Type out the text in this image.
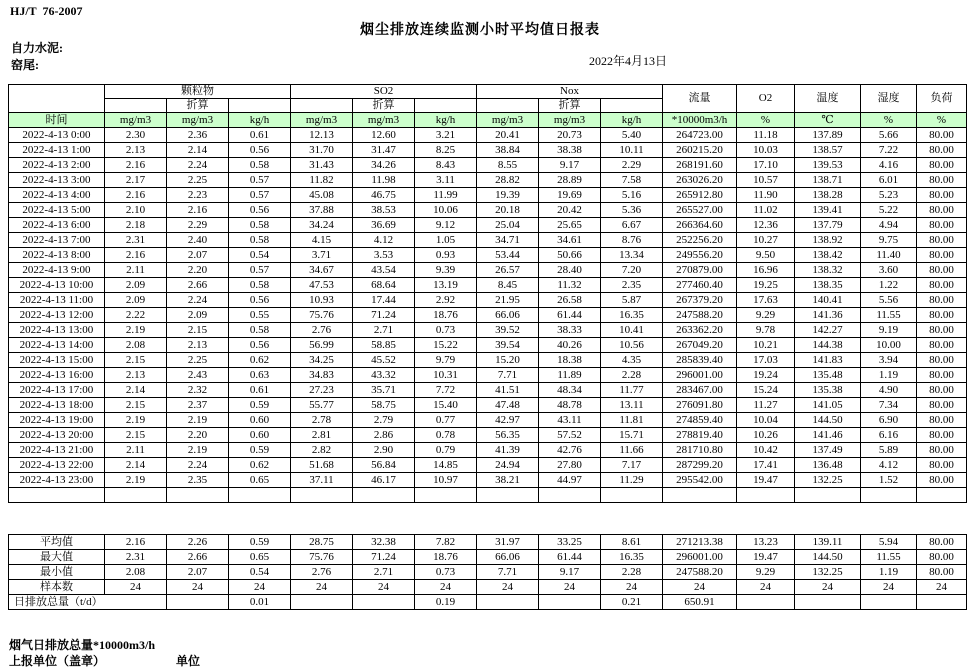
HJ/T  76-2007
烟尘排放连续监测小时平均值日报表
自力水泥:
窑尾:	2022年4月13日
	颗粒物			SO2			Nox			流量	O2	温度	湿度	负荷
		折算			折算			折算						
时间	mg/m3	mg/m3	kg/h	mg/m3	mg/m3	kg/h	mg/m3	mg/m3	kg/h	*10000m3/h	%	℃	%	%
2022-4-13 0:00	2.30	2.36	0.61	12.13	12.60	3.21	20.41	20.73	5.40	264723.00	11.18	137.89	5.66	80.00
2022-4-13 1:00	2.13	2.14	0.56	31.70	31.47	8.25	38.84	38.38	10.11	260215.20	10.03	138.57	7.22	80.00
2022-4-13 2:00	2.16	2.24	0.58	31.43	34.26	8.43	8.55	9.17	2.29	268191.60	17.10	139.53	4.16	80.00
2022-4-13 3:00	2.17	2.25	0.57	11.82	11.98	3.11	28.82	28.89	7.58	263026.20	10.57	138.71	6.01	80.00
2022-4-13 4:00	2.16	2.23	0.57	45.08	46.75	11.99	19.39	19.69	5.16	265912.80	11.90	138.28	5.23	80.00
2022-4-13 5:00	2.10	2.16	0.56	37.88	38.53	10.06	20.18	20.42	5.36	265527.00	11.02	139.41	5.22	80.00
2022-4-13 6:00	2.18	2.29	0.58	34.24	36.69	9.12	25.04	25.65	6.67	266364.60	12.36	137.79	4.94	80.00
2022-4-13 7:00	2.31	2.40	0.58	4.15	4.12	1.05	34.71	34.61	8.76	252256.20	10.27	138.92	9.75	80.00
2022-4-13 8:00	2.16	2.07	0.54	3.71	3.53	0.93	53.44	50.66	13.34	249556.20	9.50	138.42	11.40	80.00
2022-4-13 9:00	2.11	2.20	0.57	34.67	43.54	9.39	26.57	28.40	7.20	270879.00	16.96	138.32	3.60	80.00
2022-4-13 10:00	2.09	2.66	0.58	47.53	68.64	13.19	8.45	11.32	2.35	277460.40	19.25	138.35	1.22	80.00
2022-4-13 11:00	2.09	2.24	0.56	10.93	17.44	2.92	21.95	26.58	5.87	267379.20	17.63	140.41	5.56	80.00
2022-4-13 12:00	2.22	2.09	0.55	75.76	71.24	18.76	66.06	61.44	16.35	247588.20	9.29	141.36	11.55	80.00
2022-4-13 13:00	2.19	2.15	0.58	2.76	2.71	0.73	39.52	38.33	10.41	263362.20	9.78	142.27	9.19	80.00
2022-4-13 14:00	2.08	2.13	0.56	56.99	58.85	15.22	39.54	40.26	10.56	267049.20	10.21	144.38	10.00	80.00
2022-4-13 15:00	2.15	2.25	0.62	34.25	45.52	9.79	15.20	18.38	4.35	285839.40	17.03	141.83	3.94	80.00
2022-4-13 16:00	2.13	2.43	0.63	34.83	43.32	10.31	7.71	11.89	2.28	296001.00	19.24	135.48	1.19	80.00
2022-4-13 17:00	2.14	2.32	0.61	27.23	35.71	7.72	41.51	48.34	11.77	283467.00	15.24	135.38	4.90	80.00
2022-4-13 18:00	2.15	2.37	0.59	55.77	58.75	15.40	47.48	48.78	13.11	276091.80	11.27	141.05	7.34	80.00
2022-4-13 19:00	2.19	2.19	0.60	2.78	2.79	0.77	42.97	43.11	11.81	274859.40	10.04	144.50	6.90	80.00
2022-4-13 20:00	2.15	2.20	0.60	2.81	2.86	0.78	56.35	57.52	15.71	278819.40	10.26	141.46	6.16	80.00
2022-4-13 21:00	2.11	2.19	0.59	2.82	2.90	0.79	41.39	42.76	11.66	281710.80	10.42	137.49	5.89	80.00
2022-4-13 22:00	2.14	2.24	0.62	51.68	56.84	14.85	24.94	27.80	7.17	287299.20	17.41	136.48	4.12	80.00
2022-4-13 23:00	2.19	2.35	0.65	37.11	46.17	10.97	38.21	44.97	11.29	295542.00	19.47	132.25	1.52	80.00

平均值	2.16	2.26	0.59	28.75	32.38	7.82	31.97	33.25	8.61	271213.38	13.23	139.11	5.94	80.00
最大值	2.31	2.66	0.65	75.76	71.24	18.76	66.06	61.44	16.35	296001.00	19.47	144.50	11.55	80.00
最小值	2.08	2.07	0.54	2.76	2.71	0.73	7.71	9.17	2.28	247588.20	9.29	132.25	1.19	80.00
样本数	24	24	24	24	24	24	24	24	24	24	24	24	24	24
日排放总量（t/d）			0.01			0.19			0.21	650.91				
烟气日排放总量*10000m3/h
上报单位（盖章）	单位
